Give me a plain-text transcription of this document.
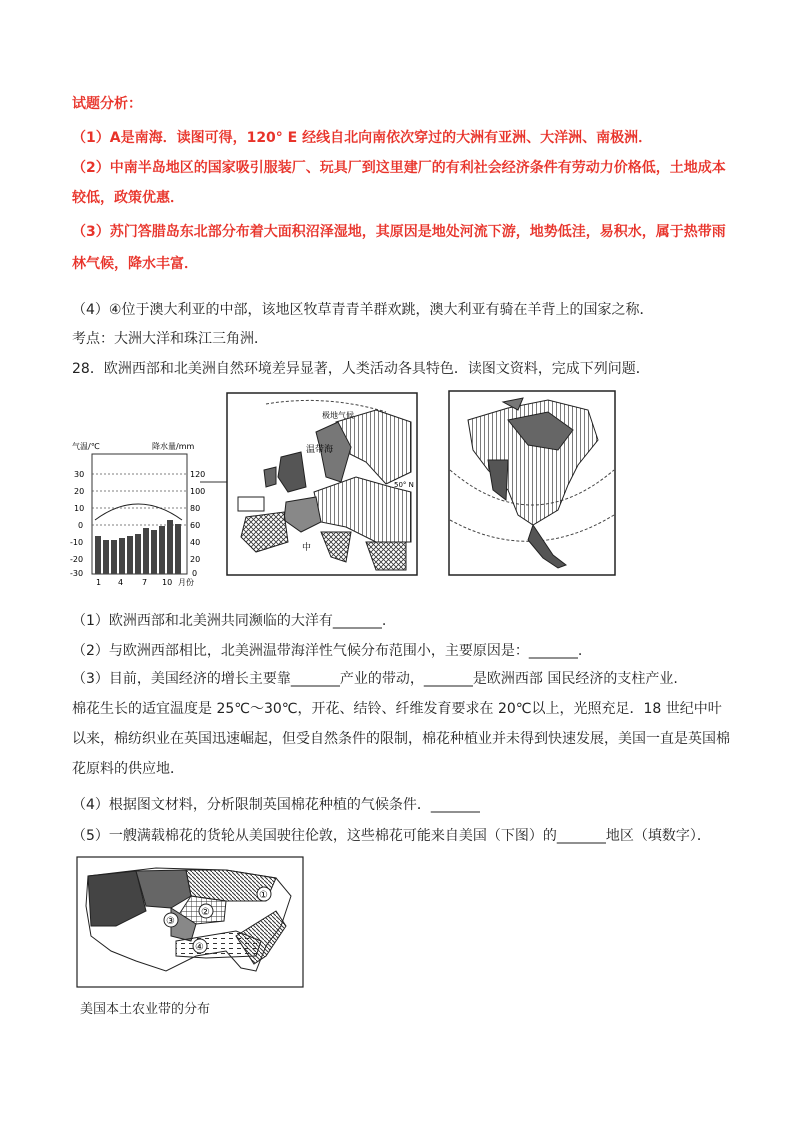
试题分析：
（1）A是南海．读图可得，120° E 经线自北向南依次穿过的大洲有亚洲、大洋洲、南极洲．
（2）中南半岛地区的国家吸引服装厂、玩具厂到这里建厂的有利社会经济条件有劳动力价格低，土地成本
较低，政策优惠．
（3）苏门答腊岛东北部分布着大面积沼泽湿地，其原因是地处河流下游，地势低洼，易积水，属于热带雨
林气候，降水丰富．
（4）④位于澳大利亚的中部，该地区牧草青青羊群欢跳，澳大利亚有骑在羊背上的国家之称．
考点：大洲大洋和珠江三角洲．
28．欧洲西部和北美洲自然环境差异显著，人类活动各具特色．读图文资料，完成下列问题．
气温/℃	降水量/mm
30
20
10
0
-10
-20
-30
120
100
80
60
40
20
0
1 4 7 10 月份
极地气候
温带海
50° N
中
（1）欧洲西部和北美洲共同濒临的大洋有_______.
（2）与欧洲西部相比，北美洲温带海洋性气候分布范围小，主要原因是：_______.
（3）目前，美国经济的增长主要靠_______产业的带动，_______是欧洲西部 国民经济的支柱产业.
棉花生长的适宜温度是 25℃～30℃，开花、结铃、纤维发育要求在 20℃以上，光照充足．18 世纪中叶以来，棉纺织业在英国迅速崛起，但受自然条件的限制，棉花种植业并未得到快速发展，美国一直是英国棉花原料的供应地．
（4）根据图文材料，分析限制英国棉花种植的气候条件．_______
（5）一艘满载棉花的货轮从美国驶往伦敦，这些棉花可能来自美国（下图）的_______地区（填数字）．
①
②
③
④
美国本土农业带的分布
